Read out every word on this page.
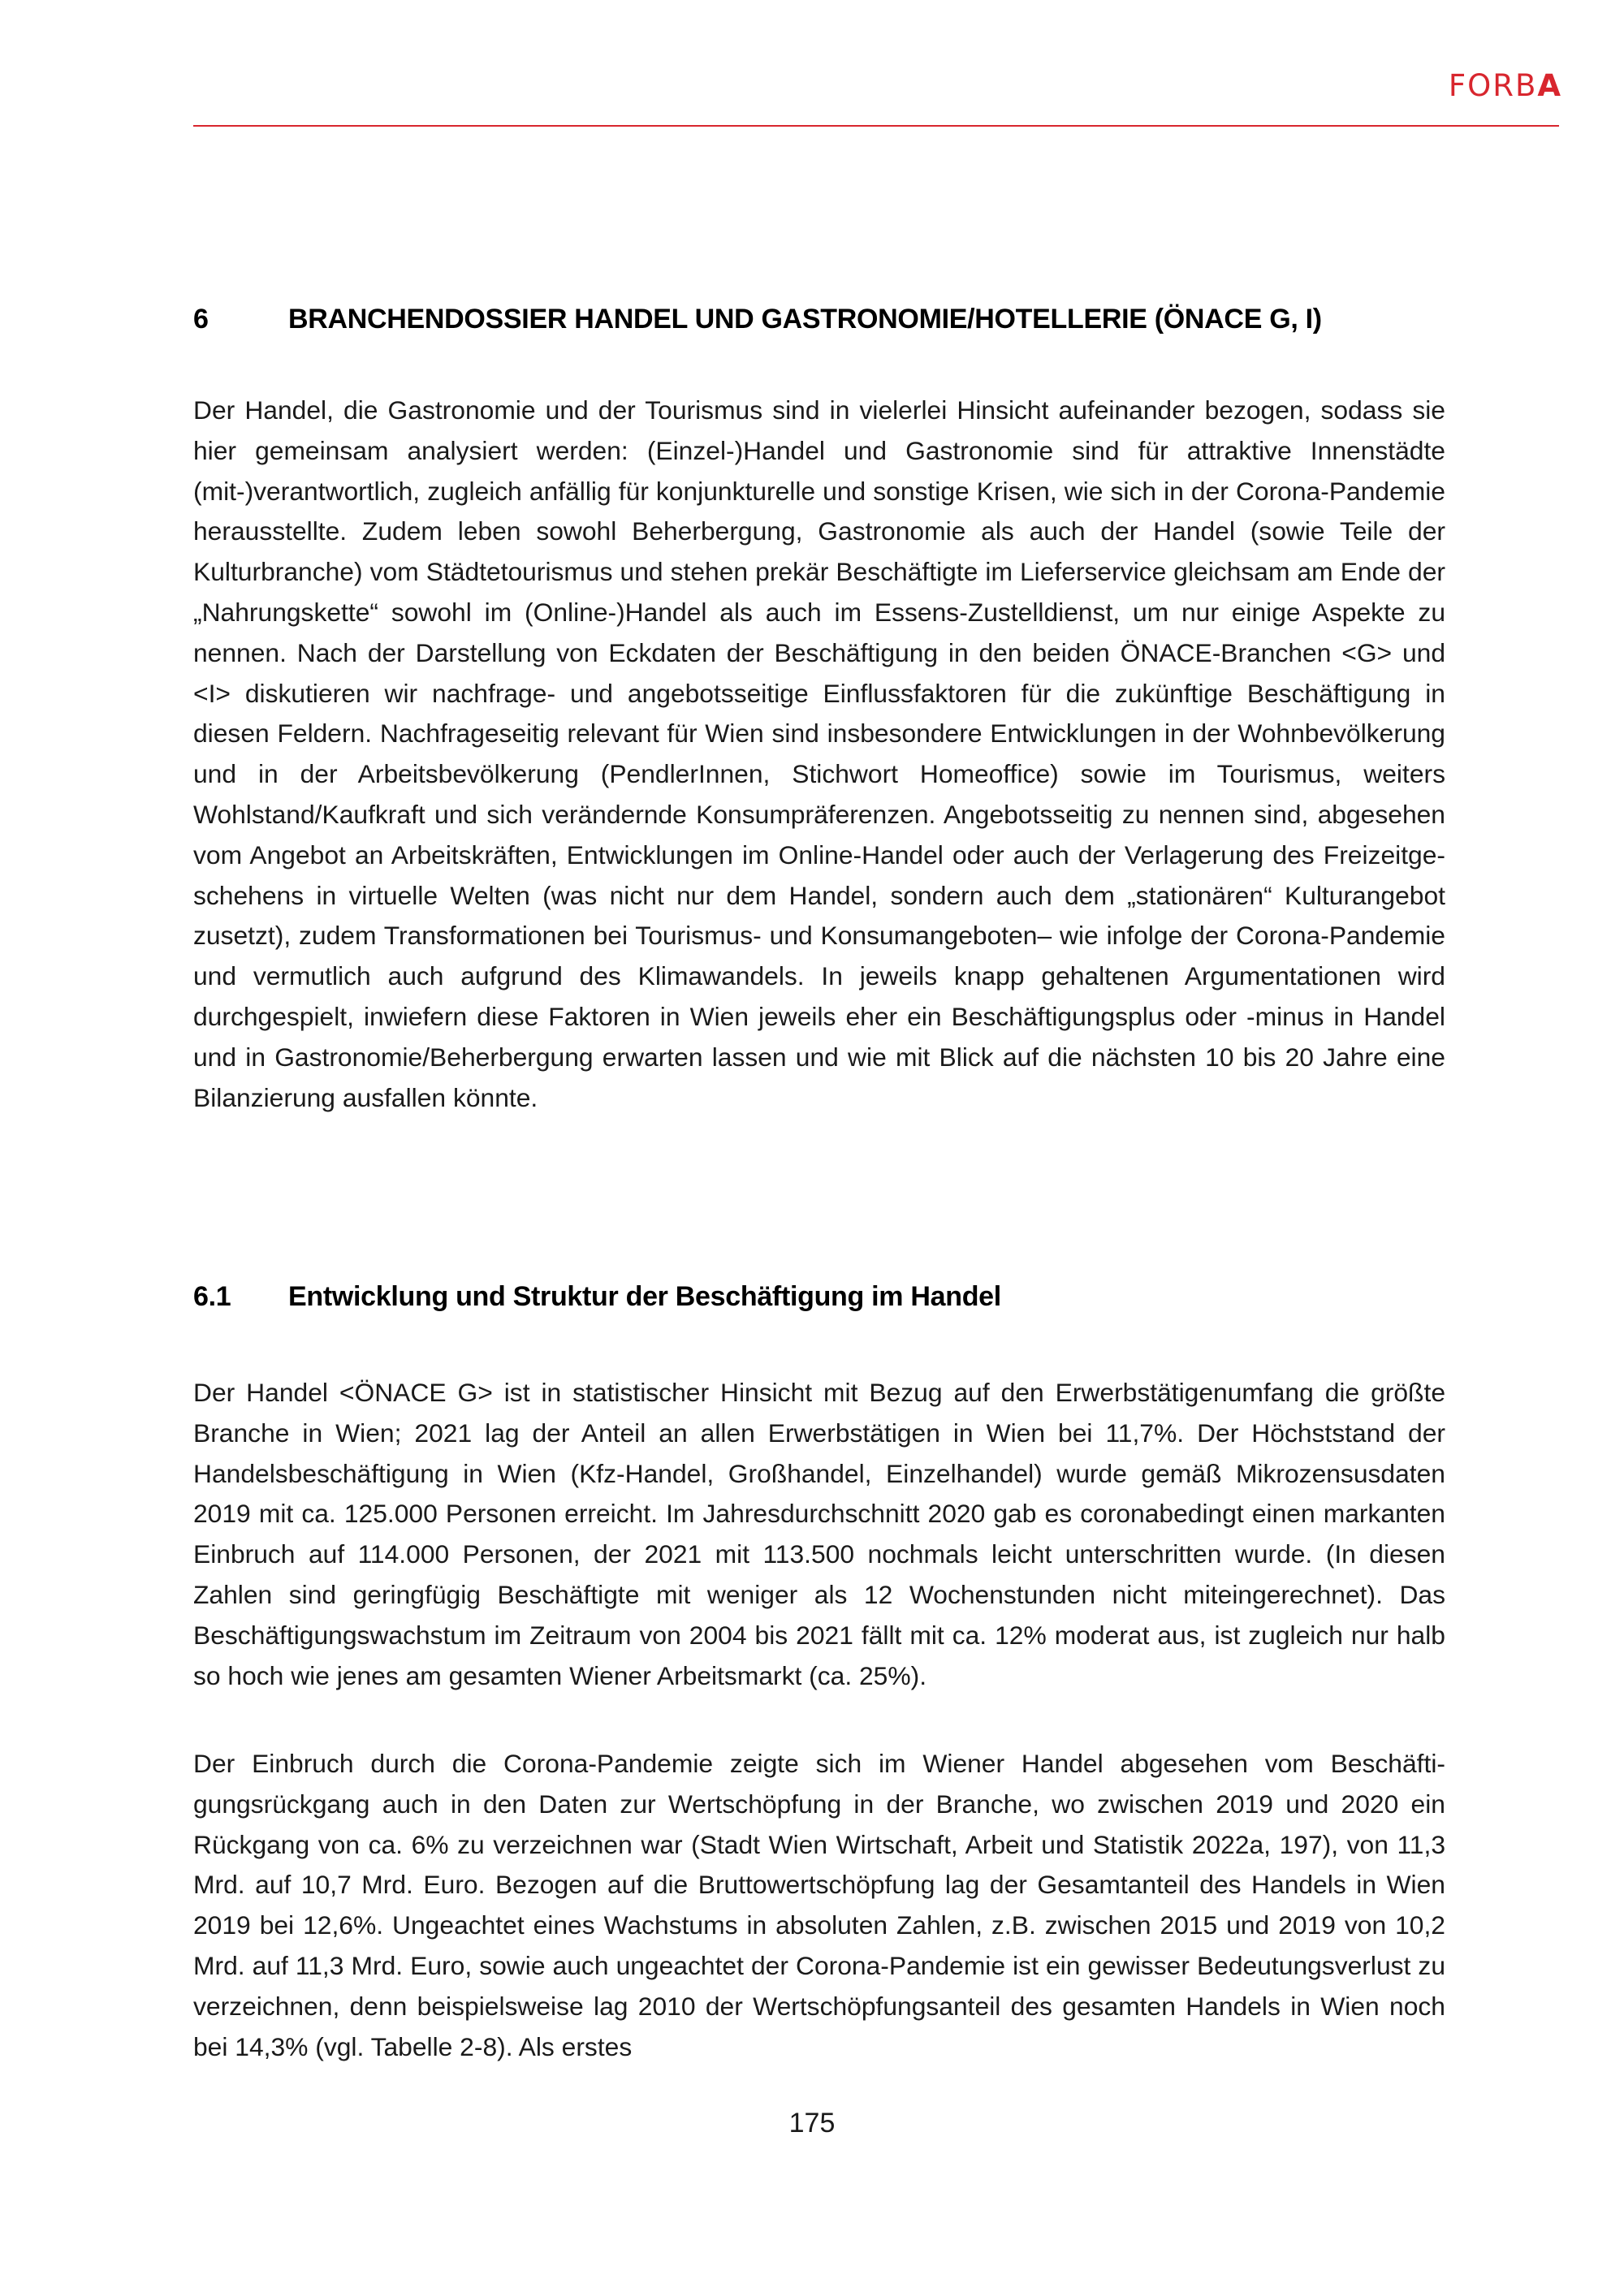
FORBA
6	BRANCHENDOSSIER HANDEL UND GASTRONOMIE/HOTELLERIE (ÖNACE G, I)

Der Handel, die Gastronomie und der Tourismus sind in vielerlei Hinsicht aufeinander bezogen, sodass sie hier gemeinsam analysiert werden: (Einzel-)Handel und Gastronomie sind für attraktive Innenstädte (mit-)verantwortlich, zugleich anfällig für konjunkturelle und sonstige Krisen, wie sich in der Corona-Pandemie herausstellte. Zudem leben sowohl Beherbergung, Gastronomie als auch der Handel (sowie Teile der Kulturbranche) vom Städtetourismus und stehen prekär Beschäftigte im Lieferservice gleichsam am Ende der „Nahrungskette“ sowohl im (Online-)Handel als auch im Essens-Zustelldienst, um nur einige Aspekte zu nennen. Nach der Darstellung von Eckdaten der Beschäftigung in den beiden ÖNACE-Branchen <G> und <I> diskutieren wir nachfrage- und angebotsseitige Einflussfaktoren für die zukünftige Beschäftigung in diesen Feldern. Nachfrageseitig relevant für Wien sind insbesondere Entwicklungen in der Wohnbevölkerung und in der Arbeitsbevölkerung (PendlerInnen, Stichwort Homeoffice) sowie im Tourismus, weiters Wohlstand/Kaufkraft und sich verändernde Konsumpräferenzen. Angebotsseitig zu nennen sind, abgesehen vom Angebot an Arbeitskräften, Entwicklungen im Online-Handel oder auch der Verlagerung des Freizeitgeschehens in virtuelle Welten (was nicht nur dem Handel, sondern auch dem „stationären“ Kulturangebot zusetzt), zudem Transformationen bei Tourismus- und Konsumangeboten– wie infolge der Corona-Pandemie und vermutlich auch aufgrund des Klimawandels. In jeweils knapp gehaltenen Argumentationen wird durchgespielt, inwiefern diese Faktoren in Wien jeweils eher ein Beschäftigungsplus oder -minus in Handel und in Gastronomie/Beherbergung erwarten lassen und wie mit Blick auf die nächsten 10 bis 20 Jahre eine Bilanzierung ausfallen könnte.

6.1 Entwicklung und Struktur der Beschäftigung im Handel

Der Handel <ÖNACE G> ist in statistischer Hinsicht mit Bezug auf den Erwerbstätigenumfang die größte Branche in Wien; 2021 lag der Anteil an allen Erwerbstätigen in Wien bei 11,7%. Der Höchststand der Handelsbeschäftigung in Wien (Kfz-Handel, Großhandel, Einzelhandel) wurde gemäß Mikrozensusdaten 2019 mit ca. 125.000 Personen erreicht. Im Jahresdurchschnitt 2020 gab es coronabedingt einen markanten Einbruch auf 114.000 Personen, der 2021 mit 113.500 nochmals leicht unterschritten wurde. (In diesen Zahlen sind geringfügig Beschäftigte mit weniger als 12 Wochenstunden nicht miteingerechnet). Das Beschäftigungswachstum im Zeitraum von 2004 bis 2021 fällt mit ca. 12% moderat aus, ist zugleich nur halb so hoch wie jenes am gesamten Wiener Arbeitsmarkt (ca. 25%).

Der Einbruch durch die Corona-Pandemie zeigte sich im Wiener Handel abgesehen vom Beschäftigungsrückgang auch in den Daten zur Wertschöpfung in der Branche, wo zwischen 2019 und 2020 ein Rückgang von ca. 6% zu verzeichnen war (Stadt Wien Wirtschaft, Arbeit und Statistik 2022a, 197), von 11,3 Mrd. auf 10,7 Mrd. Euro. Bezogen auf die Bruttowertschöpfung lag der Gesamtanteil des Handels in Wien 2019 bei 12,6%. Ungeachtet eines Wachstums in absoluten Zahlen, z.B. zwischen 2015 und 2019 von 10,2 Mrd. auf 11,3 Mrd. Euro, sowie auch ungeachtet der Corona-Pandemie ist ein gewisser Bedeutungsverlust zu verzeichnen, denn beispielsweise lag 2010 der Wertschöpfungsanteil des gesamten Handels in Wien noch bei 14,3% (vgl. Tabelle 2-8). Als erstes

175
